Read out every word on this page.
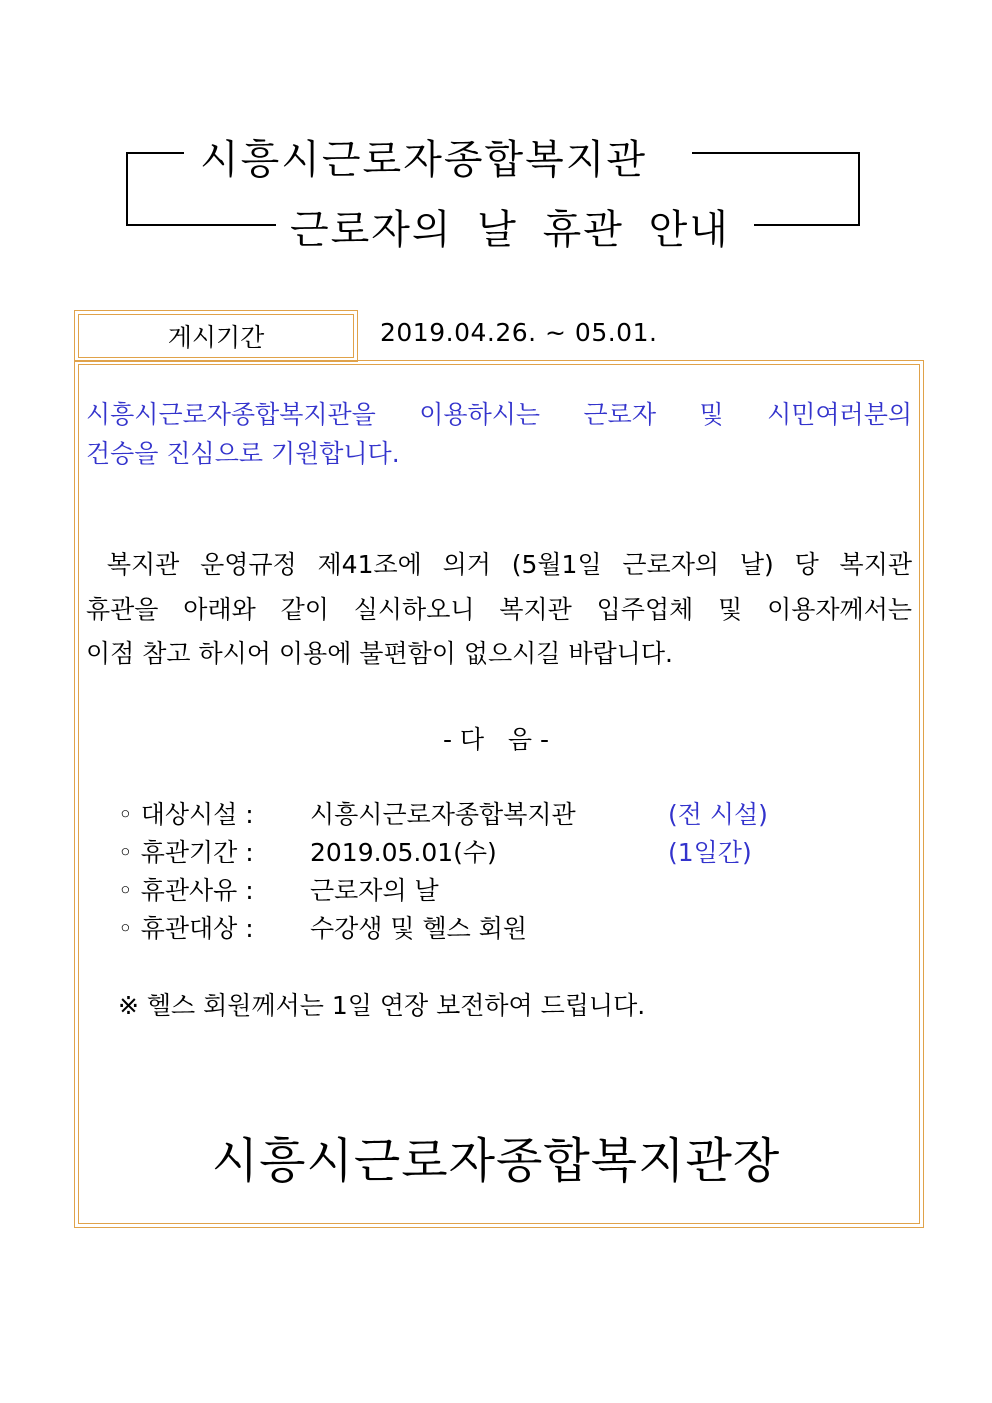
시흥시근로자종합복지관
근로자의 날 휴관 안내
게시기간	2019.04.26. ~ 05.01.
시흥시근로자종합복지관을 이용하시는 근로자 및 시민여러분의
건승을 진심으로 기원합니다.
복지관 운영규정 제41조에 의거 (5월1일 근로자의 날) 당 복지관
휴관을 아래와 같이 실시하오니 복지관 입주업체 및 이용자께서는
이점 참고 하시어 이용에 불편함이 없으시길 바랍니다.
- 다   음 -
◦ 대상시설 : 시흥시근로자종합복지관	(전 시설)
◦ 휴관기간 : 2019.05.01(수)	(1일간)
◦ 휴관사유 : 근로자의 날
◦ 휴관대상 : 수강생 및 헬스 회원
※ 헬스 회원께서는 1일 연장 보전하여 드립니다.
시흥시근로자종합복지관장
